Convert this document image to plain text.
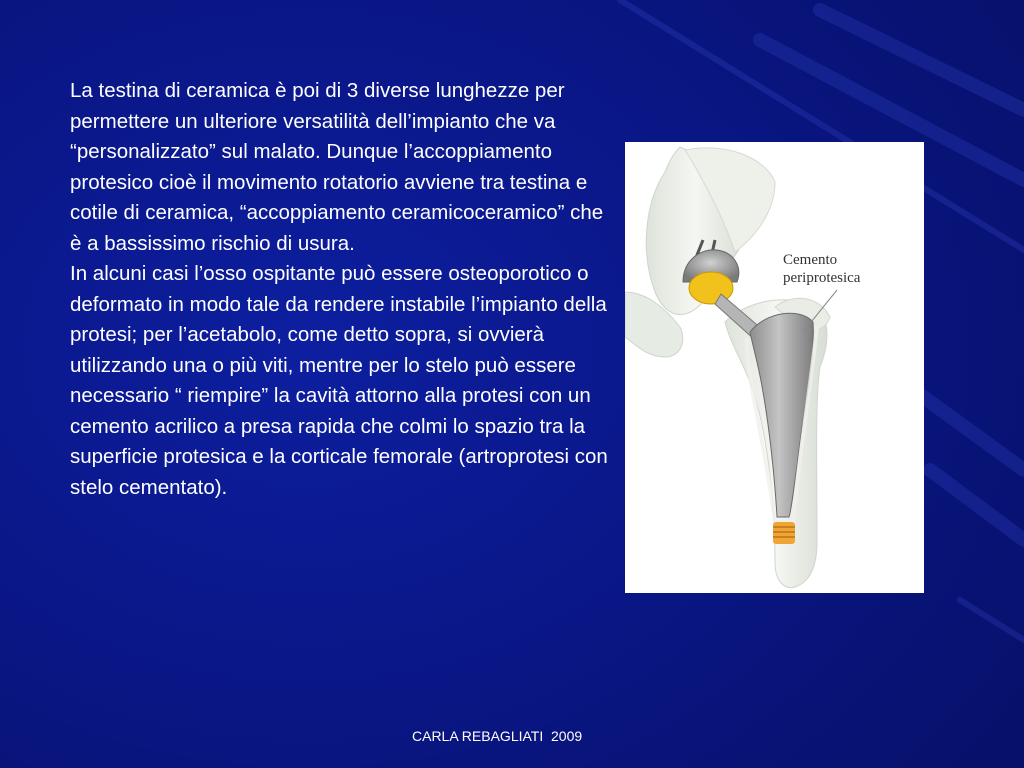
La testina di ceramica è poi di 3 diverse lunghezze per permettere un ulteriore versatilità dell’impianto che va “personalizzato” sul malato. Dunque l’accoppiamento protesico cioè il movimento rotatorio avviene tra testina e cotile di ceramica, “accoppiamento ceramicoceramico” che è a bassissimo rischio di usura.

In alcuni casi l’osso ospitante può essere osteoporotico o deformato in modo tale da rendere instabile l’impianto della protesi; per l’acetabolo, come detto sopra, si ovvierà utilizzando una o più viti, mentre per lo stelo può essere necessario “ riempire” la cavità attorno alla protesi con un cemento acrilico a presa rapida che colmi lo spazio tra la superficie protesica e la corticale femorale (artroprotesi con stelo cementato).

Cemento
periprotesica
CARLA REBAGLIATI  2009
